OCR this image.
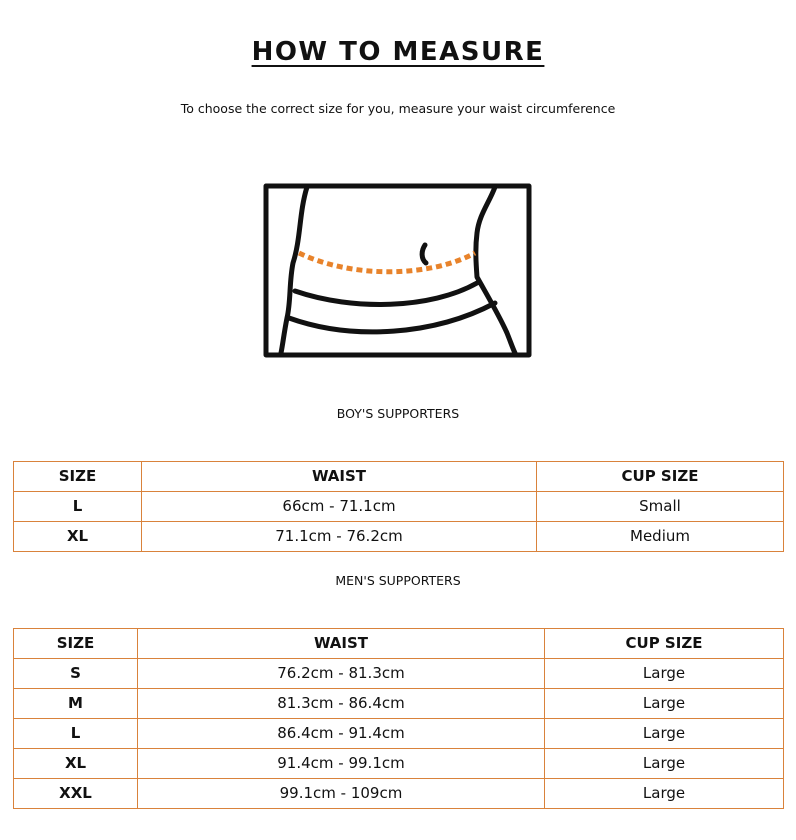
HOW TO MEASURE
To choose the correct size for you, measure your waist circumference
BOY'S SUPPORTERS
SIZE	WAIST	CUP SIZE
L	66cm - 71.1cm	Small
XL	71.1cm - 76.2cm	Medium
MEN'S SUPPORTERS
SIZE	WAIST	CUP SIZE
S	76.2cm - 81.3cm	Large
M	81.3cm - 86.4cm	Large
L	86.4cm - 91.4cm	Large
XL	91.4cm - 99.1cm	Large
XXL	99.1cm - 109cm	Large
